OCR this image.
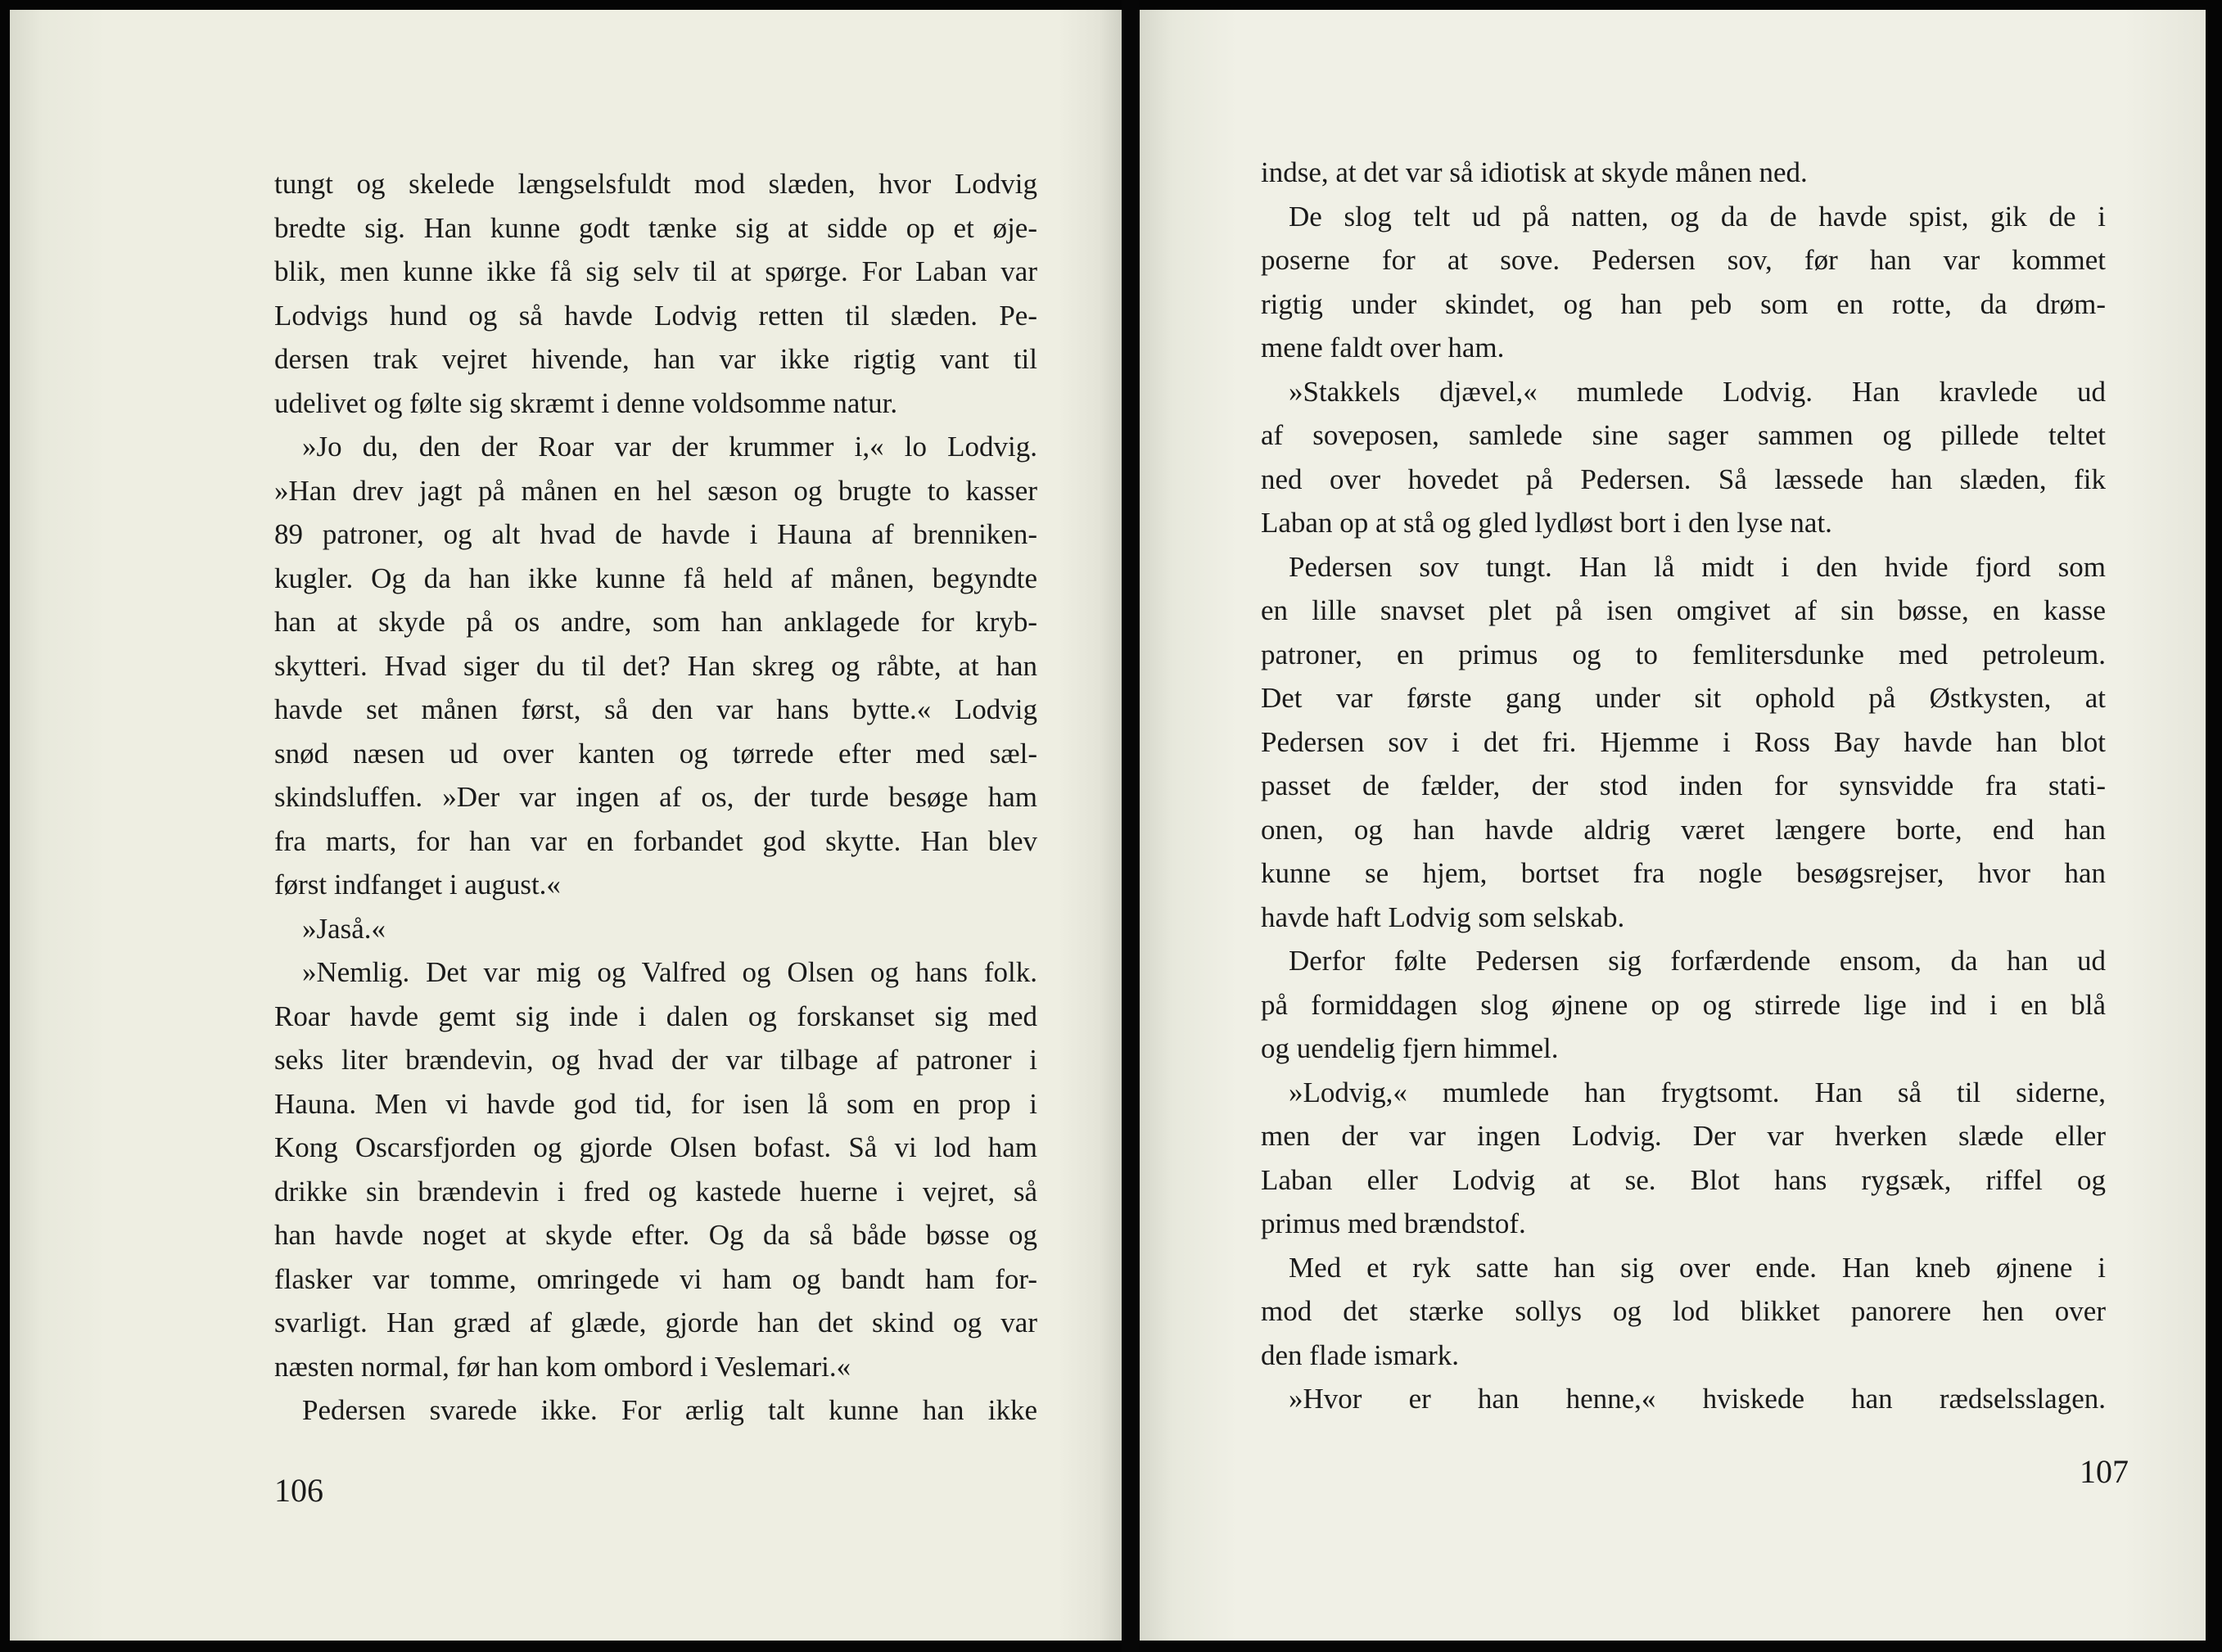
tungt og skelede længselsfuldt mod slæden, hvor Lodvig
bredte sig. Han kunne godt tænke sig at sidde op et øje-
blik, men kunne ikke få sig selv til at spørge. For Laban var
Lodvigs hund og så havde Lodvig retten til slæden. Pe-
dersen trak vejret hivende, han var ikke rigtig vant til
udelivet og følte sig skræmt i denne voldsomme natur.
»Jo du, den der Roar var der krummer i,« lo Lodvig.
»Han drev jagt på månen en hel sæson og brugte to kasser
89 patroner, og alt hvad de havde i Hauna af brenniken-
kugler. Og da han ikke kunne få held af månen, begyndte
han at skyde på os andre, som han anklagede for kryb-
skytteri. Hvad siger du til det? Han skreg og råbte, at han
havde set månen først, så den var hans bytte.« Lodvig
snød næsen ud over kanten og tørrede efter med sæl-
skindsluffen. »Der var ingen af os, der turde besøge ham
fra marts, for han var en forbandet god skytte. Han blev
først indfanget i august.«
»Jaså.«
»Nemlig. Det var mig og Valfred og Olsen og hans folk.
Roar havde gemt sig inde i dalen og forskanset sig med
seks liter brændevin, og hvad der var tilbage af patroner i
Hauna. Men vi havde god tid, for isen lå som en prop i
Kong Oscarsfjorden og gjorde Olsen bofast. Så vi lod ham
drikke sin brændevin i fred og kastede huerne i vejret, så
han havde noget at skyde efter. Og da så både bøsse og
flasker var tomme, omringede vi ham og bandt ham for-
svarligt. Han græd af glæde, gjorde han det skind og var
næsten normal, før han kom ombord i Veslemari.«
Pedersen svarede ikke. For ærlig talt kunne han ikke
106
indse, at det var så idiotisk at skyde månen ned.
De slog telt ud på natten, og da de havde spist, gik de i
poserne for at sove. Pedersen sov, før han var kommet
rigtig under skindet, og han peb som en rotte, da drøm-
mene faldt over ham.
»Stakkels djævel,« mumlede Lodvig. Han kravlede ud
af soveposen, samlede sine sager sammen og pillede teltet
ned over hovedet på Pedersen. Så læssede han slæden, fik
Laban op at stå og gled lydløst bort i den lyse nat.
Pedersen sov tungt. Han lå midt i den hvide fjord som
en lille snavset plet på isen omgivet af sin bøsse, en kasse
patroner, en primus og to femlitersdunke med petroleum.
Det var første gang under sit ophold på Østkysten, at
Pedersen sov i det fri. Hjemme i Ross Bay havde han blot
passet de fælder, der stod inden for synsvidde fra stati-
onen, og han havde aldrig været længere borte, end han
kunne se hjem, bortset fra nogle besøgsrejser, hvor han
havde haft Lodvig som selskab.
Derfor følte Pedersen sig forfærdende ensom, da han ud
på formiddagen slog øjnene op og stirrede lige ind i en blå
og uendelig fjern himmel.
»Lodvig,« mumlede han frygtsomt. Han så til siderne,
men der var ingen Lodvig. Der var hverken slæde eller
Laban eller Lodvig at se. Blot hans rygsæk, riffel og
primus med brændstof.
Med et ryk satte han sig over ende. Han kneb øjnene i
mod det stærke sollys og lod blikket panorere hen over
den flade ismark.
»Hvor er han henne,« hviskede han rædselsslagen.
107
